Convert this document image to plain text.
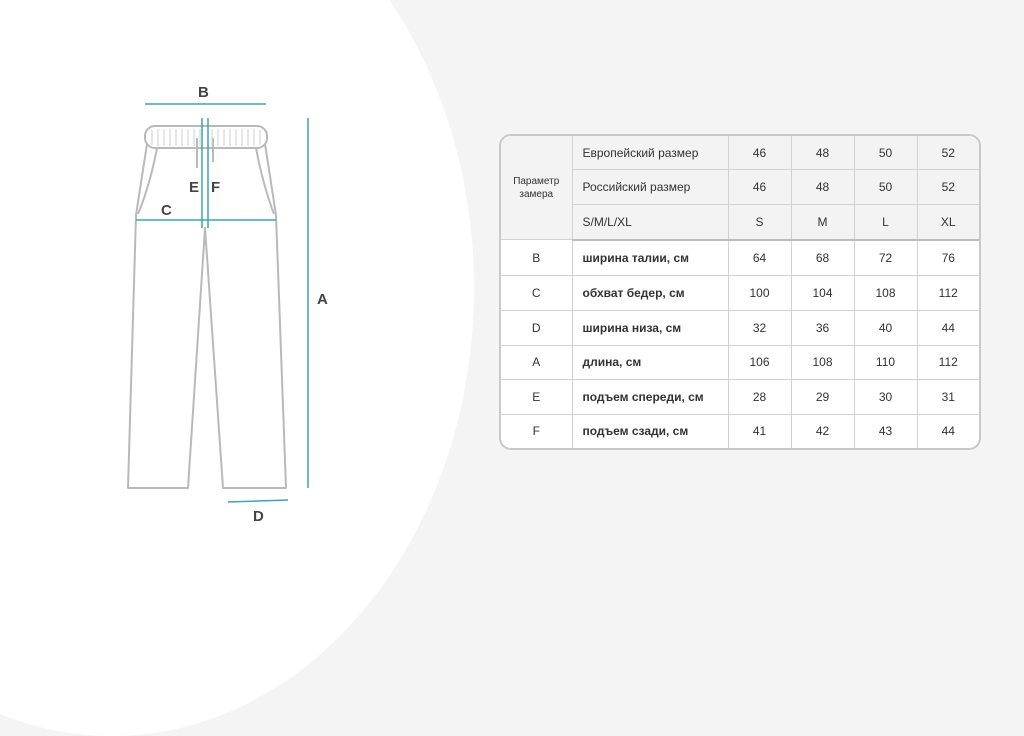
B
C
E F
A
D
Параметр
замера	Европейский размер	46	48	50	52
	Российский размер	46	48	50	52
	S/M/L/XL	S	M	L	XL
B	ширина талии, см	64	68	72	76
C	обхват бедер, см	100	104	108	112
D	ширина низа, см	32	36	40	44
A	длина, см	106	108	110	112
E	подъем спереди, см	28	29	30	31
F	подъем сзади, см	41	42	43	44
